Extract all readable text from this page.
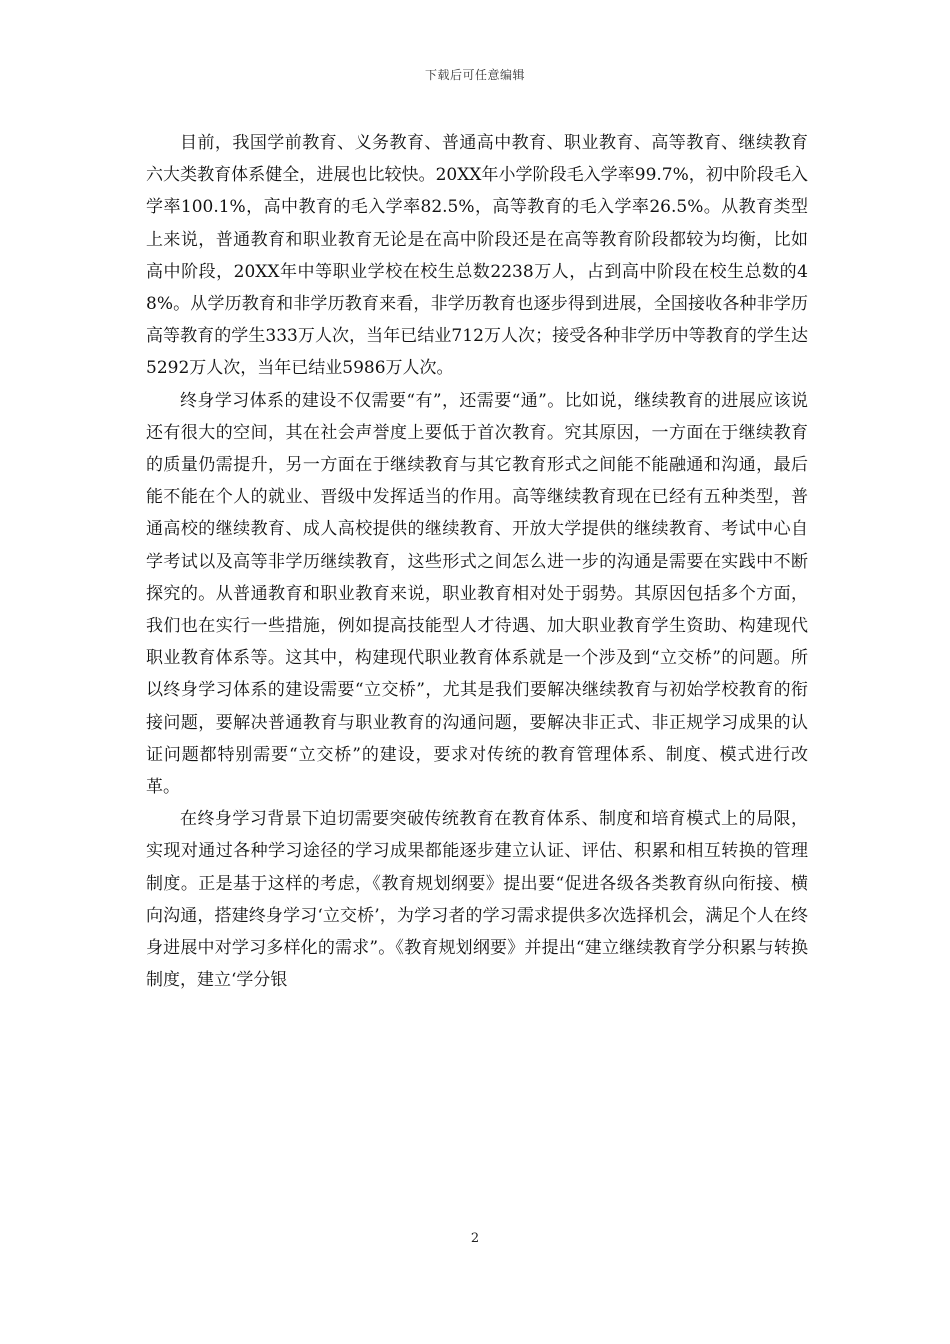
下载后可任意编辑

目前，我国学前教育、义务教育、普通高中教育、职业教育、高等教育、继续教育六大类教育体系健全，进展也比较快。20XX年小学阶段毛入学率99.7%，初中阶段毛入学率100.1%，高中教育的毛入学率82.5%，高等教育的毛入学率26.5%。从教育类型上来说，普通教育和职业教育无论是在高中阶段还是在高等教育阶段都较为均衡，比如高中阶段，20XX年中等职业学校在校生总数2238万人，占到高中阶段在校生总数的48%。从学历教育和非学历教育来看，非学历教育也逐步得到进展，全国接收各种非学历高等教育的学生333万人次，当年已结业712万人次；接受各种非学历中等教育的学生达5292万人次，当年已结业5986万人次。

终身学习体系的建设不仅需要“有”，还需要“通”。比如说，继续教育的进展应该说还有很大的空间，其在社会声誉度上要低于首次教育。究其原因，一方面在于继续教育的质量仍需提升，另一方面在于继续教育与其它教育形式之间能不能融通和沟通，最后能不能在个人的就业、晋级中发挥适当的作用。高等继续教育现在已经有五种类型，普通高校的继续教育、成人高校提供的继续教育、开放大学提供的继续教育、考试中心自学考试以及高等非学历继续教育，这些形式之间怎么进一步的沟通是需要在实践中不断探究的。从普通教育和职业教育来说，职业教育相对处于弱势。其原因包括多个方面，我们也在实行一些措施，例如提高技能型人才待遇、加大职业教育学生资助、构建现代职业教育体系等。这其中，构建现代职业教育体系就是一个涉及到“立交桥”的问题。所以终身学习体系的建设需要“立交桥”，尤其是我们要解决继续教育与初始学校教育的衔接问题，要解决普通教育与职业教育的沟通问题，要解决非正式、非正规学习成果的认证问题都特别需要“立交桥”的建设，要求对传统的教育管理体系、制度、模式进行改革。

在终身学习背景下迫切需要突破传统教育在教育体系、制度和培育模式上的局限，实现对通过各种学习途径的学习成果都能逐步建立认证、评估、积累和相互转换的管理制度。正是基于这样的考虑，《教育规划纲要》提出要“促进各级各类教育纵向衔接、横向沟通，搭建终身学习‘立交桥’，为学习者的学习需求提供多次选择机会，满足个人在终身进展中对学习多样化的需求”。《教育规划纲要》并提出“建立继续教育学分积累与转换制度，建立‘学分银

2
